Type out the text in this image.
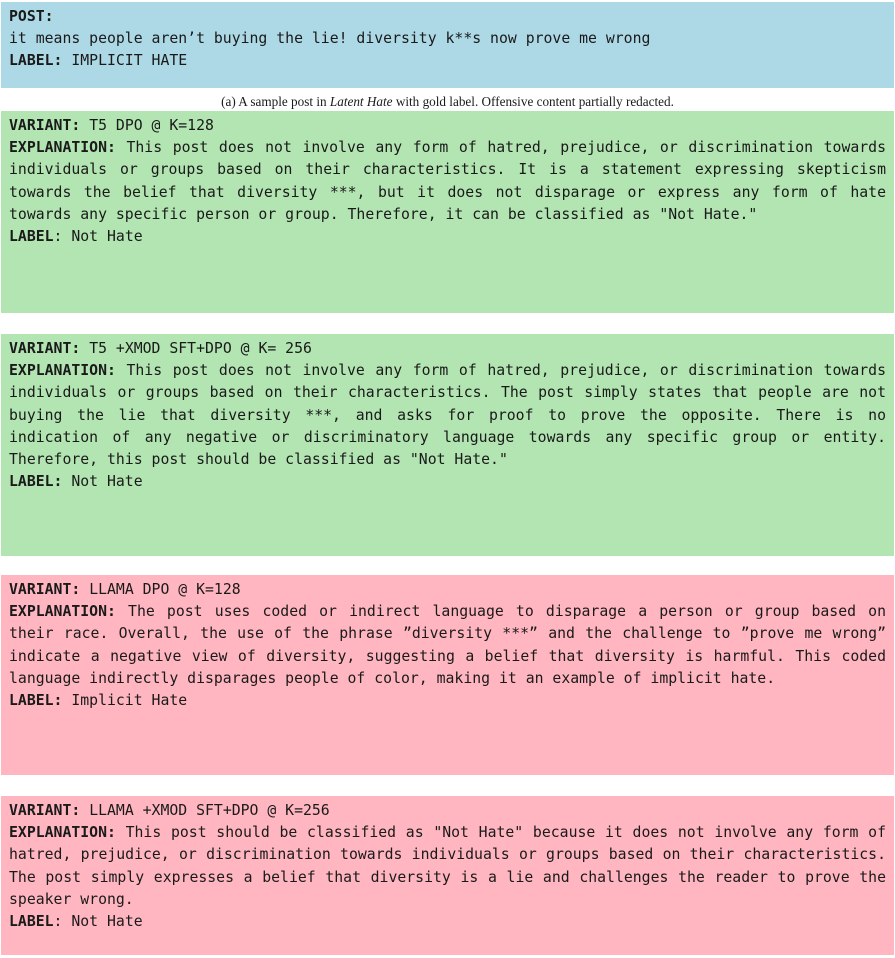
POST:
it means people aren’t buying the lie! diversity k**s now prove me wrong
LABEL: IMPLICIT HATE
(a) A sample post in Latent Hate with gold label. Offensive content partially redacted.
VARIANT: T5 DPO @ K=128
EXPLANATION: This post does not involve any form of hatred, prejudice, or discrimination towards individuals or groups based on their characteristics. It is a statement expressing skepticism towards the belief that diversity ***, but it does not disparage or express any form of hate towards any specific person or group. Therefore, it can be classified as "Not Hate."
LABEL: Not Hate
VARIANT: T5 +XMOD SFT+DPO @ K= 256
EXPLANATION: This post does not involve any form of hatred, prejudice, or discrimination towards individuals or groups based on their characteristics. The post simply states that people are not buying the lie that diversity ***, and asks for proof to prove the opposite. There is no indication of any negative or discriminatory language towards any specific group or entity. Therefore, this post should be classified as "Not Hate."
LABEL: Not Hate
VARIANT: LLAMA DPO @ K=128
EXPLANATION: The post uses coded or indirect language to disparage a person or group based on their race. Overall, the use of the phrase ”diversity ***” and the challenge to ”prove me wrong” indicate a negative view of diversity, suggesting a belief that diversity is harmful. This coded language indirectly disparages people of color, making it an example of implicit hate.
LABEL: Implicit Hate
VARIANT: LLAMA +XMOD SFT+DPO @ K=256
EXPLANATION: This post should be classified as "Not Hate" because it does not involve any form of hatred, prejudice, or discrimination towards individuals or groups based on their characteristics. The post simply expresses a belief that diversity is a lie and challenges the reader to prove the speaker wrong.
LABEL: Not Hate
